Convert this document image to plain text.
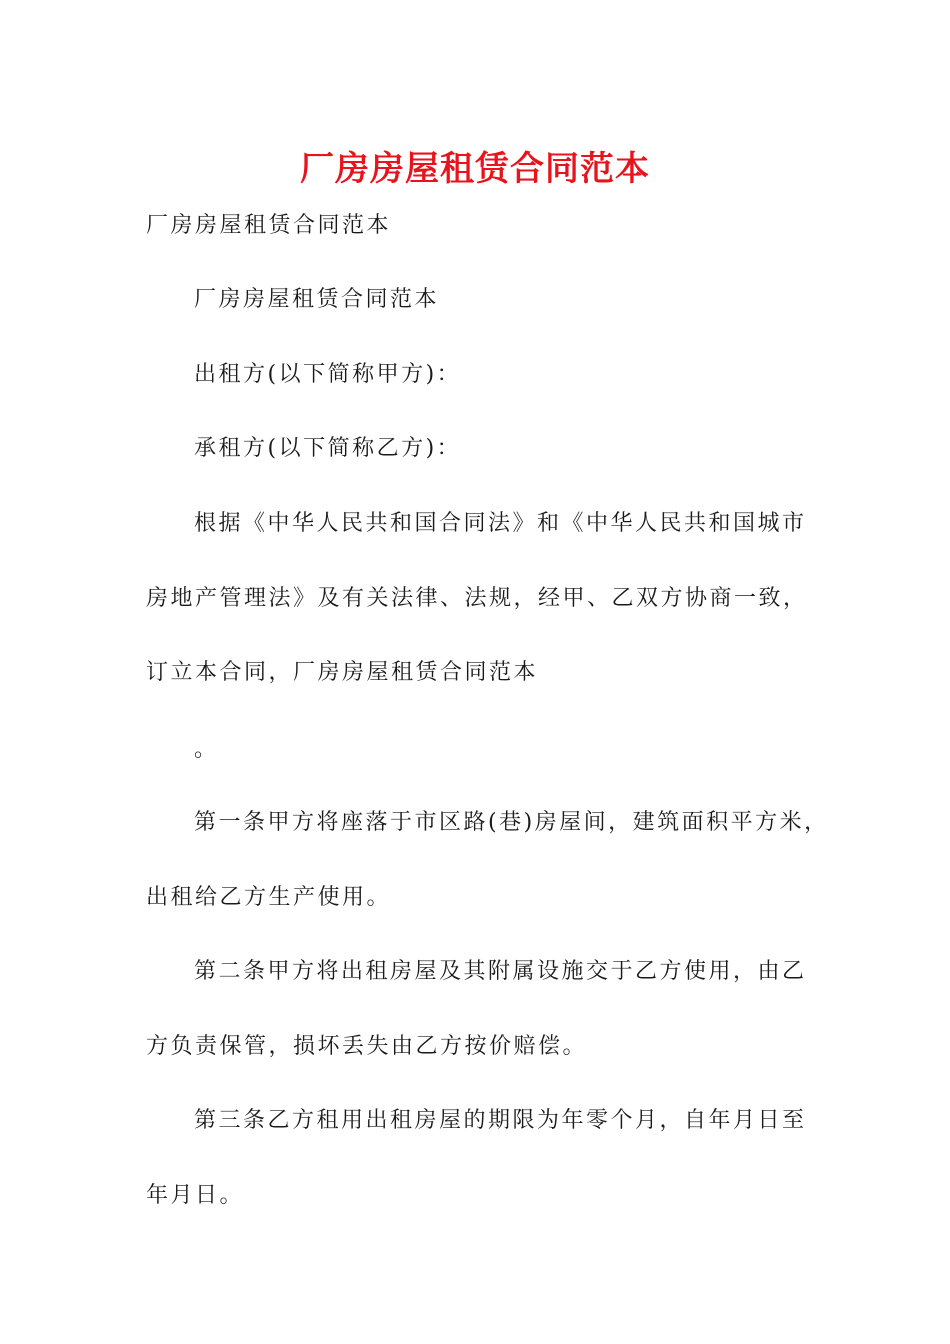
厂房房屋租赁合同范本

厂房房屋租赁合同范本

厂房房屋租赁合同范本

出租方(以下简称甲方)：

承租方(以下简称乙方)：

根据《中华人民共和国合同法》和《中华人民共和国城市

房地产管理法》及有关法律、法规，经甲、乙双方协商一致，

订立本合同，厂房房屋租赁合同范本

。

第一条甲方将座落于市区路(巷)房屋间，建筑面积平方米，

出租给乙方生产使用。

第二条甲方将出租房屋及其附属设施交于乙方使用，由乙

方负责保管，损坏丢失由乙方按价赔偿。

第三条乙方租用出租房屋的期限为年零个月，自年月日至

年月日。
